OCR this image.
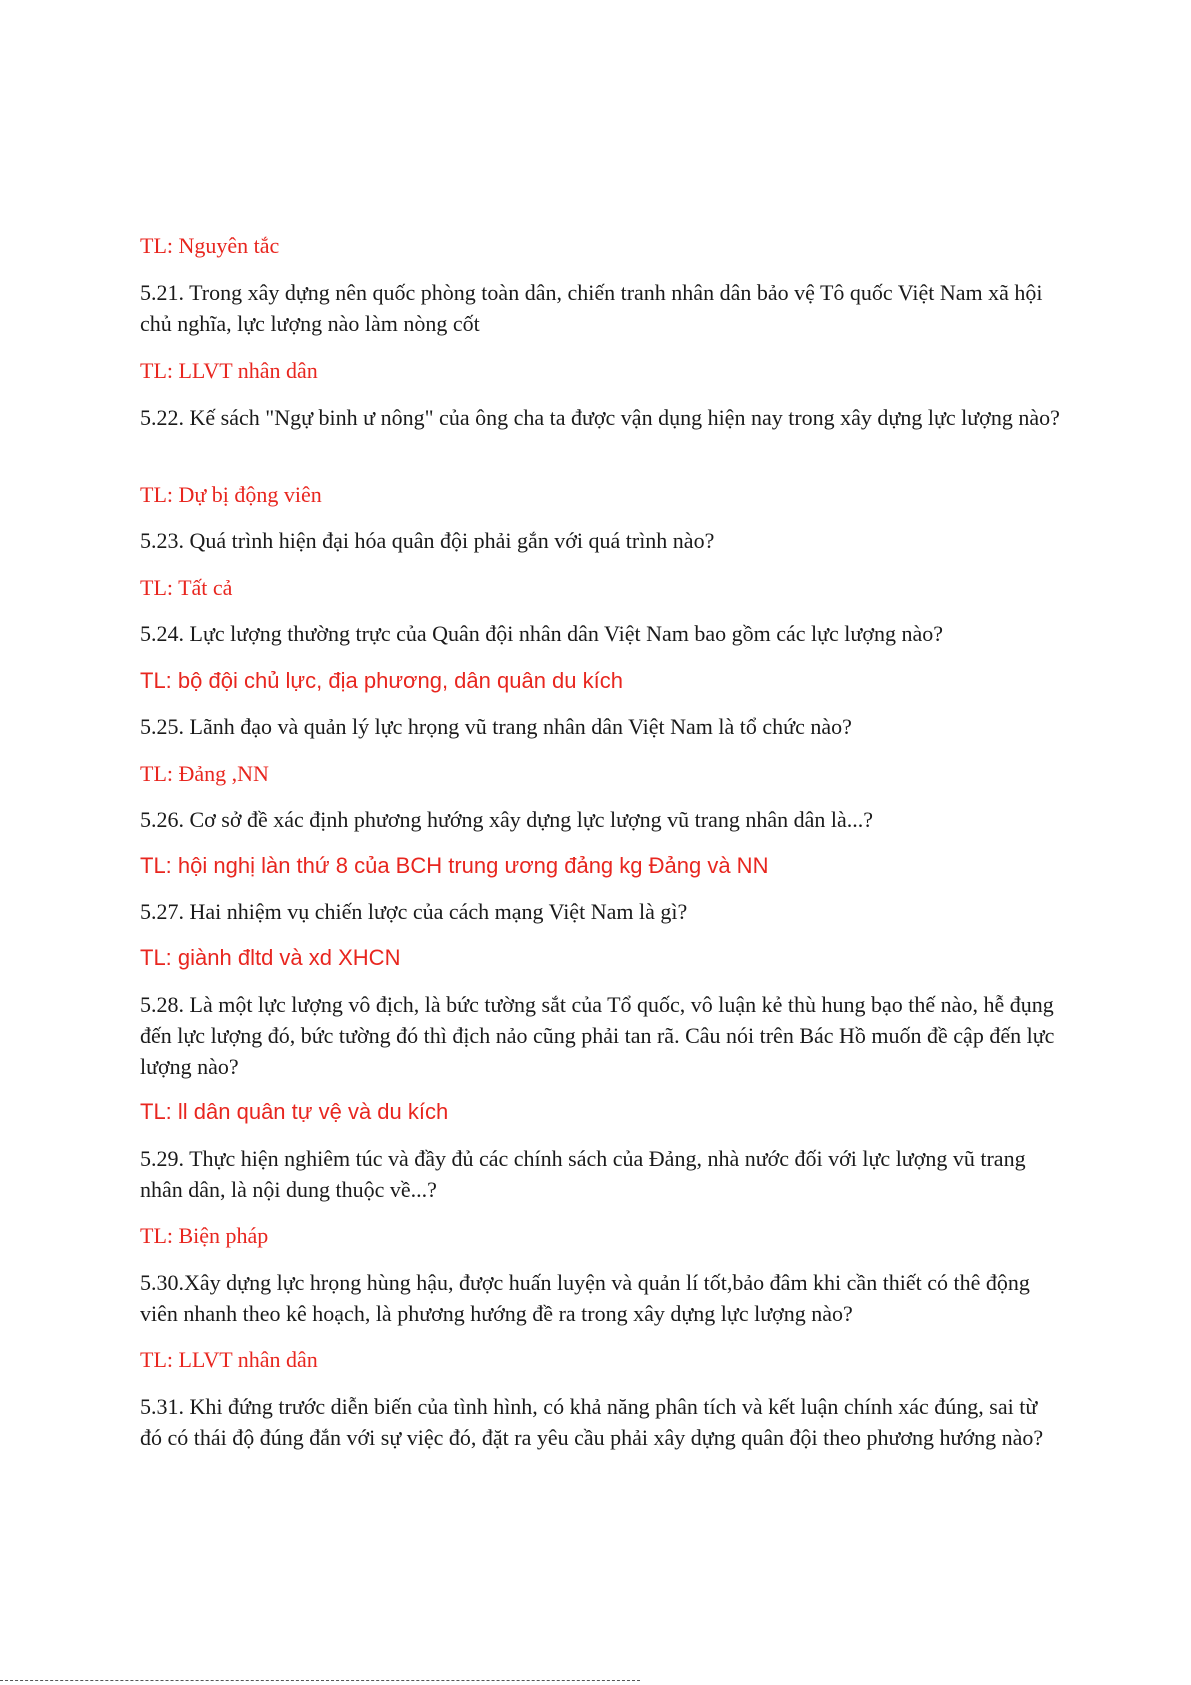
TL: Nguyên tắc

5.21. Trong xây dựng nên quốc phòng toàn dân, chiến tranh nhân dân bảo vệ Tô quốc Việt Nam xã hội chủ nghĩa, lực lượng nào làm nòng cốt

TL: LLVT nhân dân

5.22. Kế sách "Ngự binh ư nông" của ông cha ta được vận dụng hiện nay trong xây dựng lực lượng nào?

TL: Dự bị động viên

5.23. Quá trình hiện đại hóa quân đội phải gắn với quá trình nào?

TL: Tất cả

5.24. Lực lượng thường trực của Quân đội nhân dân Việt Nam bao gồm các lực lượng nào?

TL: bộ đội chủ lực, địa phương, dân quân du kích

5.25. Lãnh đạo và quản lý lực hrọng vũ trang nhân dân Việt Nam là tổ chức nào?

TL: Đảng ,NN

5.26. Cơ sở đề xác định phương hướng xây dựng lực lượng vũ trang nhân dân là...?

TL: hội nghị làn thứ 8 của BCH trung ương đảng kg Đảng và NN

5.27. Hai nhiệm vụ chiến lược của cách mạng Việt Nam là gì?

TL: giành đltd và xd XHCN

5.28. Là một lực lượng vô địch, là bức tường sắt của Tổ quốc, vô luận kẻ thù hung bạo thế nào, hễ đụng đến lực lượng đó, bức tường đó thì địch nảo cũng phải tan rã. Câu nói trên Bác Hồ muốn đề cập đến lực lượng nào?

TL: ll dân quân tự vệ và du kích

5.29. Thực hiện nghiêm túc và đầy đủ các chính sách của Đảng, nhà nước đối với lực lượng vũ trang nhân dân, là nội dung thuộc về...?

TL: Biện pháp

5.30.Xây dựng lực hrọng hùng hậu, được huấn luyện và quản lí tốt,bảo đâm khi cần thiết có thê động viên nhanh theo kê hoạch, là phương hướng đề ra trong xây dựng lực lượng nào?

TL: LLVT nhân dân

5.31. Khi đứng trước diễn biến của tình hình, có khả năng phân tích và kết luận chính xác đúng, sai từ đó có thái độ đúng đắn với sự việc đó, đặt ra yêu cầu phải xây dựng quân đội theo phương hướng nào?
